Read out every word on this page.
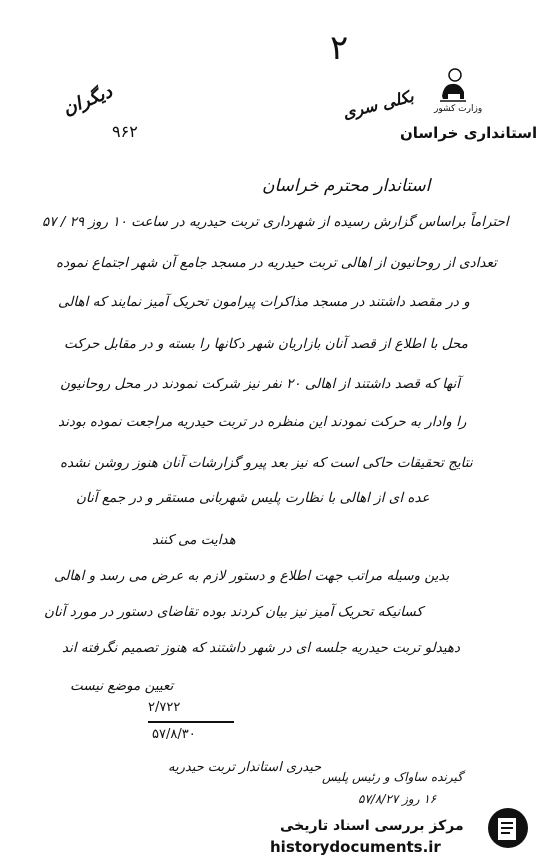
٢
وزارت کشور
استانداری خراسان
بکلی سری
دیگران
۹۶۲
استاندار محترم خراسان
احتراماً براساس گزارش رسیده از شهرداری تربت حیدریه در ساعت ۱۰ روز ۲۹ / ۵۷
تعدادی از روحانیون از اهالی تربت حیدریه در مسجد جامع آن شهر اجتماع نموده
و در مقصد داشتند در مسجد مذاکرات پیرامون تحریک آمیز نمایند که اهالی
محل با اطلاع از قصد آنان بازاریان شهر دکانها را بسته و در مقابل حرکت
آنها که قصد داشتند از اهالی ۲۰ نفر نیز شرکت نمودند در محل روحانیون
را وادار به حرکت نمودند این منظره در تربت حیدریه مراجعت نموده بودند
نتایج تحقیقات حاکی است که نیز بعد پیرو گزارشات آنان هنوز روشن نشده
عده ای از اهالی با نظارت پلیس شهربانی مستقر و در جمع آنان
هدایت می کنند
بدین وسیله مراتب جهت اطلاع و دستور لازم به عرض می رسد و اهالی
کسانیکه تحریک آمیز نیز بیان کردند بوده تقاضای دستور در مورد آنان
دهیدلو تربت حیدریه جلسه ای در شهر داشتند که هنوز تصمیم نگرفته اند
تعیین موضع نیست
۲/۷۲۲
۵۷/۸/۳۰
حیدری استاندار تربت حیدریه
گیرنده ساواک و رئیس پلیس
۱۶ روز ۵۷/۸/۲۷
مرکز بررسی اسناد تاریخی
historydocuments.ir
